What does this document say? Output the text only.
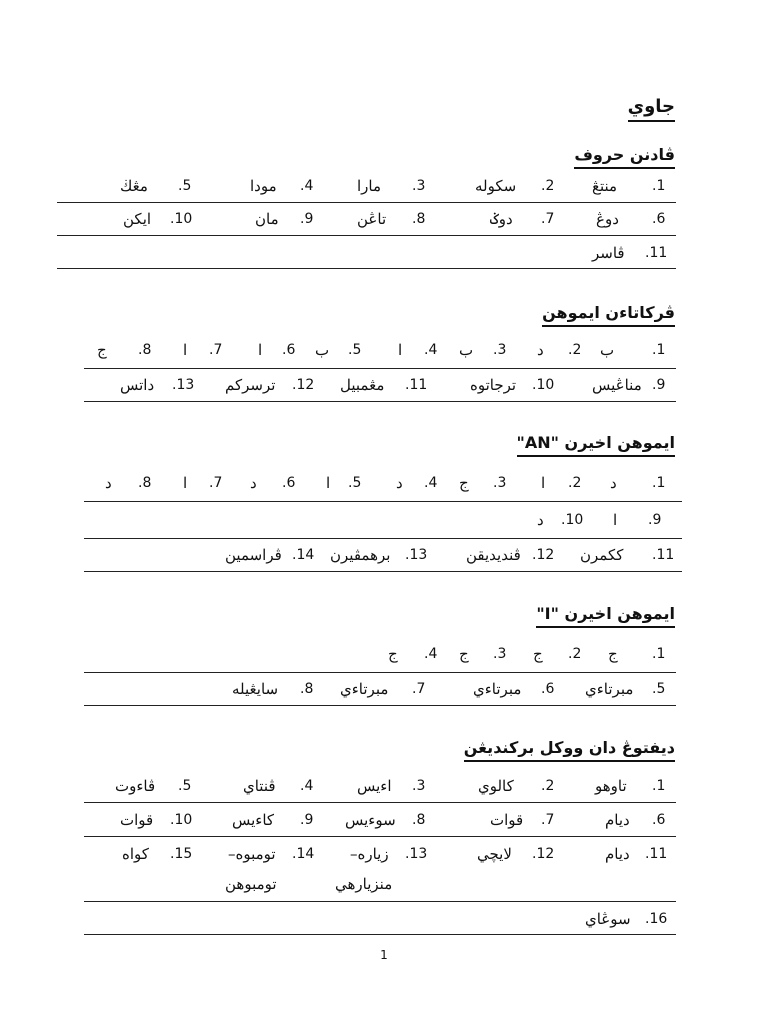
جاوي
ڤادنن حروف
.1
منتڠ
.2
سکوله
.3
مارا
.4
مودا
.5
مڠڬ
.6
دوڠ
.7
دوݢ
.8
تاڠن
.9
مان
.10
ايکن
.11
ڤاسر
ڤرکاتاءن ايموهن
.1
ب
.2
د
.3
ب
.4
ا
.5
ب
.6
ا
.7
ا
.8
ج
.9
مناڠيس
.10
ترجاتوه
.11
مڠمبيل
.12
ترسرکم
.13
داتس
ايموهن اخيرن "AN"
.1
د
.2
ا
.3
ج
.4
د
.5
ا
.6
د
.7
ا
.8
د
.9
ا
.10
د
.11
ککمرن
.12
ڤنديديقن
.13
برهمڤيرن
.14
ڤراسمين
ايموهن اخيرن "I"
.1
ج
.2
ج
.3
ج
.4
ج
.5
مبرتاءي
.6
مبرتاءي
.7
مبرتاءي
.8
سايڠيله
ديفتوڠ دان ووکل برکنديڠن
.1
تاوهو
.2
کالوي
.3
اءيس
.4
ڤنتاي
.5
ڤاءوت
.6
ديام
.7
قوات
.8
سوءيس
.9
کاءيس
.10
قوات
.11
ديام
.12
لايچي
.13
زياره–
.14
تومبوه–
.15
کواه
منزيارهي
تومبوهن
.16
سوڠاي
1
